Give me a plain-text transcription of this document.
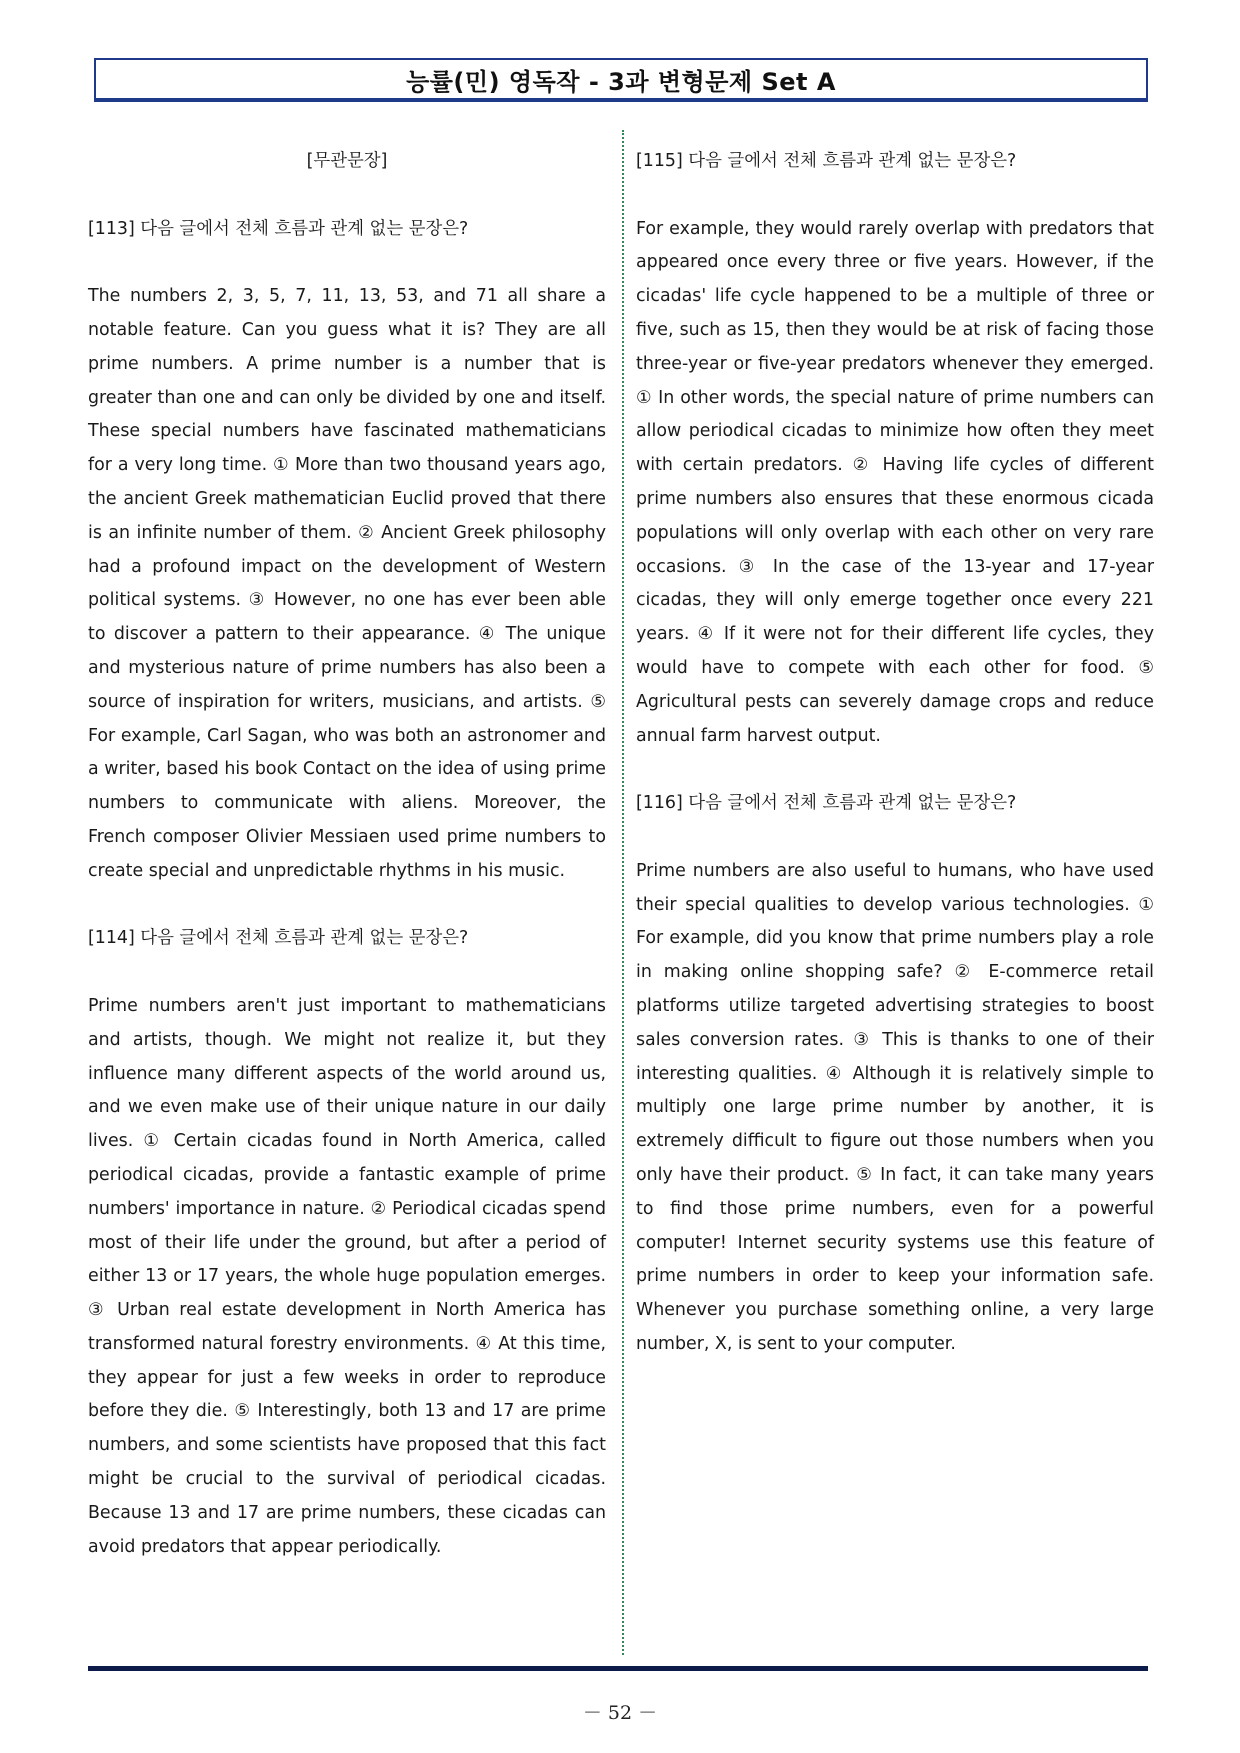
능률(민) 영독작 - 3과 변형문제 Set A

[무관문장]

[113] 다음 글에서 전체 흐름과 관계 없는 문장은?

The numbers 2, 3, 5, 7, 11, 13, 53, and 71 all share a notable feature. Can you guess what it is? They are all prime numbers. A prime number is a number that is greater than one and can only be divided by one and itself. These special numbers have fascinated mathematicians for a very long time. ① More than two thousand years ago, the ancient Greek mathematician Euclid proved that there is an infinite number of them. ② Ancient Greek philosophy had a profound impact on the development of Western political systems. ③ However, no one has ever been able to discover a pattern to their appearance. ④ The unique and mysterious nature of prime numbers has also been a source of inspiration for writers, musicians, and artists. ⑤ For example, Carl Sagan, who was both an astronomer and a writer, based his book Contact on the idea of using prime numbers to communicate with aliens. Moreover, the French composer Olivier Messiaen used prime numbers to create special and unpredictable rhythms in his music.

[114] 다음 글에서 전체 흐름과 관계 없는 문장은?

Prime numbers aren't just important to mathematicians and artists, though. We might not realize it, but they influence many different aspects of the world around us, and we even make use of their unique nature in our daily lives. ① Certain cicadas found in North America, called periodical cicadas, provide a fantastic example of prime numbers' importance in nature. ② Periodical cicadas spend most of their life under the ground, but after a period of either 13 or 17 years, the whole huge population emerges. ③ Urban real estate development in North America has transformed natural forestry environments. ④ At this time, they appear for just a few weeks in order to reproduce before they die. ⑤ Interestingly, both 13 and 17 are prime numbers, and some scientists have proposed that this fact might be crucial to the survival of periodical cicadas. Because 13 and 17 are prime numbers, these cicadas can avoid predators that appear periodically.

[115] 다음 글에서 전체 흐름과 관계 없는 문장은?

For example, they would rarely overlap with predators that appeared once every three or five years. However, if the cicadas' life cycle happened to be a multiple of three or five, such as 15, then they would be at risk of facing those three-year or five-year predators whenever they emerged. ① In other words, the special nature of prime numbers can allow periodical cicadas to minimize how often they meet with certain predators. ② Having life cycles of different prime numbers also ensures that these enormous cicada populations will only overlap with each other on very rare occasions. ③ In the case of the 13-year and 17-year cicadas, they will only emerge together once every 221 years. ④ If it were not for their different life cycles, they would have to compete with each other for food. ⑤ Agricultural pests can severely damage crops and reduce annual farm harvest output.

[116] 다음 글에서 전체 흐름과 관계 없는 문장은?

Prime numbers are also useful to humans, who have used their special qualities to develop various technologies. ① For example, did you know that prime numbers play a role in making online shopping safe? ② E-commerce retail platforms utilize targeted advertising strategies to boost sales conversion rates. ③ This is thanks to one of their interesting qualities. ④ Although it is relatively simple to multiply one large prime number by another, it is extremely difficult to figure out those numbers when you only have their product. ⑤ In fact, it can take many years to find those prime numbers, even for a powerful computer! Internet security systems use this feature of prime numbers in order to keep your information safe. Whenever you purchase something online, a very large number, X, is sent to your computer.

－ 52 －
